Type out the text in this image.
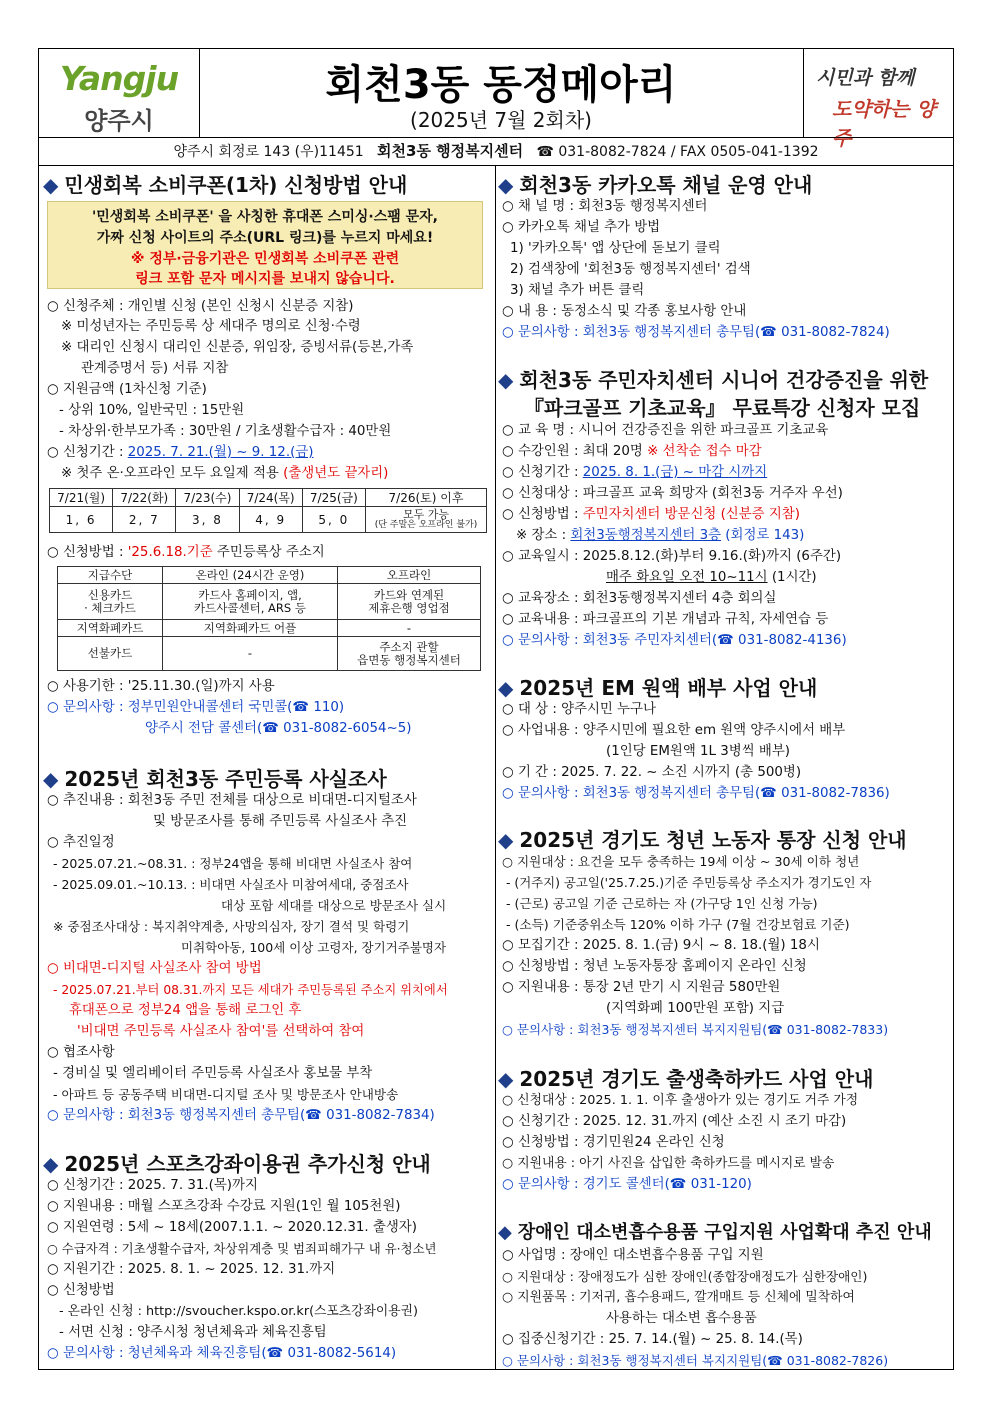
Yangju
양주시
회천3동 동정메아리
(2025년 7월 2회차)
시민과 함께
도약하는 양주
양주시 회정로 143 (우)11451 회천3동 행정복지센터 ☎ 031-8082-7824 / FAX 0505-041-1392
◆ 민생회복 소비쿠폰(1차) 신청방법 안내
'민생회복 소비쿠폰' 을 사칭한 휴대폰 스미싱·스팸 문자,
가짜 신청 사이트의 주소(URL 링크)를 누르지 마세요!
※ 정부·금융기관은 민생회복 소비쿠폰 관련
링크 포함 문자 메시지를 보내지 않습니다.
○ 신청주체 : 개인별 신청 (본인 신청시 신분증 지참)
※ 미성년자는 주민등록 상 세대주 명의로 신청·수령
※ 대리인 신청시 대리인 신분증, 위임장, 증빙서류(등본,가족
관계증명서 등) 서류 지참
○ 지원금액 (1차신청 기준)
- 상위 10%, 일반국민 : 15만원
- 차상위·한부모가족 : 30만원 / 기초생활수급자 : 40만원
○ 신청기간 : 2025. 7. 21.(월) ~ 9. 12.(금)
※ 첫주 온·오프라인 모두 요일제 적용 (출생년도 끝자리)
7/21(월)	7/22(화)	7/23(수)	7/24(목)	7/25(금)	7/26(토) 이후
1, 6	2, 7	3, 8	4, 9	5, 0	모두 가능
(단 주말은 오프라인 불가)
○ 신청방법 : '25.6.18.기준 주민등록상 주소지
지급수단	온라인 (24시간 운영)	오프라인
신용카드
· 체크카드	카드사 홈페이지, 앱,
카드사콜센터, ARS 등	카드와 연계된
제휴은행 영업점
지역화폐카드	지역화폐카드 어플	-
선불카드	-	주소지 관할
읍면동 행정복지센터
○ 사용기한 : '25.11.30.(일)까지 사용
○ 문의사항 : 정부민원안내콜센터 국민콜(☎ 110)
양주시 전담 콜센터(☎ 031-8082-6054~5)
◆ 2025년 회천3동 주민등록 사실조사
○ 추진내용 : 회천3동 주민 전체를 대상으로 비대면-디지털조사
및 방문조사를 통해 주민등록 사실조사 추진
○ 추진일정
- 2025.07.21.~08.31. : 정부24앱을 통해 비대면 사실조사 참여
- 2025.09.01.~10.13. : 비대면 사실조사 미참여세대, 중점조사
대상 포함 세대를 대상으로 방문조사 실시
※ 중점조사대상 : 복지취약계층, 사망의심자, 장기 결석 및 학령기
미취학아동, 100세 이상 고령자, 장기거주불명자
○ 비대면-디지털 사실조사 참여 방법
- 2025.07.21.부터 08.31.까지 모든 세대가 주민등록된 주소지 위치에서
휴대폰으로 정부24 앱을 통해 로그인 후
'비대면 주민등록 사실조사 참여'를 선택하여 참여
○ 협조사항
- 경비실 및 엘리베이터 주민등록 사실조사 홍보물 부착
- 아파트 등 공동주택 비대면-디지털 조사 및 방문조사 안내방송
○ 문의사항 : 회천3동 행정복지센터 총무팀(☎ 031-8082-7834)
◆ 2025년 스포츠강좌이용권 추가신청 안내
○ 신청기간 : 2025. 7. 31.(목)까지
○ 지원내용 : 매월 스포츠강좌 수강료 지원(1인 월 105천원)
○ 지원연령 : 5세 ~ 18세(2007.1.1. ~ 2020.12.31. 출생자)
○ 수급자격 : 기초생활수급자, 차상위계층 및 범죄피해가구 내 유·청소년
○ 지원기간 : 2025. 8. 1. ~ 2025. 12. 31.까지
○ 신청방법
- 온라인 신청 : http://svoucher.kspo.or.kr(스포츠강좌이용권)
- 서면 신청 : 양주시청 청년체육과 체육진흥팀
○ 문의사항 : 청년체육과 체육진흥팀(☎ 031-8082-5614)
◆ 회천3동 카카오톡 채널 운영 안내
○ 채 널 명 : 회천3동 행정복지센터
○ 카카오톡 채널 추가 방법
1) '카카오톡' 앱 상단에 돋보기 클릭
2) 검색창에 '회천3동 행정복지센터' 검색
3) 채널 추가 버튼 클릭
○ 내 용 : 동정소식 및 각종 홍보사항 안내
○ 문의사항 : 회천3동 행정복지센터 총무팀(☎ 031-8082-7824)
◆ 회천3동 주민자치센터 시니어 건강증진을 위한
『파크골프 기초교육』 무료특강 신청자 모집
○ 교 육 명 : 시니어 건강증진을 위한 파크골프 기초교육
○ 수강인원 : 최대 20명 ※ 선착순 접수 마감
○ 신청기간 : 2025. 8. 1.(금) ~ 마감 시까지
○ 신청대상 : 파크골프 교육 희망자 (회천3동 거주자 우선)
○ 신청방법 : 주민자치센터 방문신청 (신분증 지참)
※ 장소 : 회천3동행정복지센터 3층 (회정로 143)
○ 교육일시 : 2025.8.12.(화)부터 9.16.(화)까지 (6주간)
매주 화요일 오전 10~11시 (1시간)
○ 교육장소 : 회천3동행정복지센터 4층 회의실
○ 교육내용 : 파크골프의 기본 개념과 규칙, 자세연습 등
○ 문의사항 : 회천3동 주민자치센터(☎ 031-8082-4136)
◆ 2025년 EM 원액 배부 사업 안내
○ 대 상 : 양주시민 누구나
○ 사업내용 : 양주시민에 필요한 em 원액 양주시에서 배부
(1인당 EM원액 1L 3병씩 배부)
○ 기 간 : 2025. 7. 22. ~ 소진 시까지 (총 500병)
○ 문의사항 : 회천3동 행정복지센터 총무팀(☎ 031-8082-7836)
◆ 2025년 경기도 청년 노동자 통장 신청 안내
○ 지원대상 : 요건을 모두 충족하는 19세 이상 ~ 30세 이하 청년
- (거주지) 공고일('25.7.25.)기준 주민등록상 주소지가 경기도인 자
- (근로) 공고일 기준 근로하는 자 (가구당 1인 신청 가능)
- (소득) 기준중위소득 120% 이하 가구 (7월 건강보험료 기준)
○ 모집기간 : 2025. 8. 1.(금) 9시 ~ 8. 18.(월) 18시
○ 신청방법 : 청년 노동자통장 홈페이지 온라인 신청
○ 지원내용 : 통장 2년 만기 시 지원금 580만원
(지역화폐 100만원 포함) 지급
○ 문의사항 : 회천3동 행정복지센터 복지지원팀(☎ 031-8082-7833)
◆ 2025년 경기도 출생축하카드 사업 안내
○ 신청대상 : 2025. 1. 1. 이후 출생아가 있는 경기도 거주 가정
○ 신청기간 : 2025. 12. 31.까지 (예산 소진 시 조기 마감)
○ 신청방법 : 경기민원24 온라인 신청
○ 지원내용 : 아기 사진을 삽입한 축하카드를 메시지로 발송
○ 문의사항 : 경기도 콜센터(☎ 031-120)
◆ 장애인 대소변흡수용품 구입지원 사업확대 추진 안내
○ 사업명 : 장애인 대소변흡수용품 구입 지원
○ 지원대상 : 장애정도가 심한 장애인(종합장애정도가 심한장애인)
○ 지원품목 : 기저귀, 흡수용패드, 깔개매트 등 신체에 밀착하여
사용하는 대소변 흡수용품
○ 집중신청기간 : 25. 7. 14.(월) ~ 25. 8. 14.(목)
○ 문의사항 : 회천3동 행정복지센터 복지지원팀(☎ 031-8082-7826)
